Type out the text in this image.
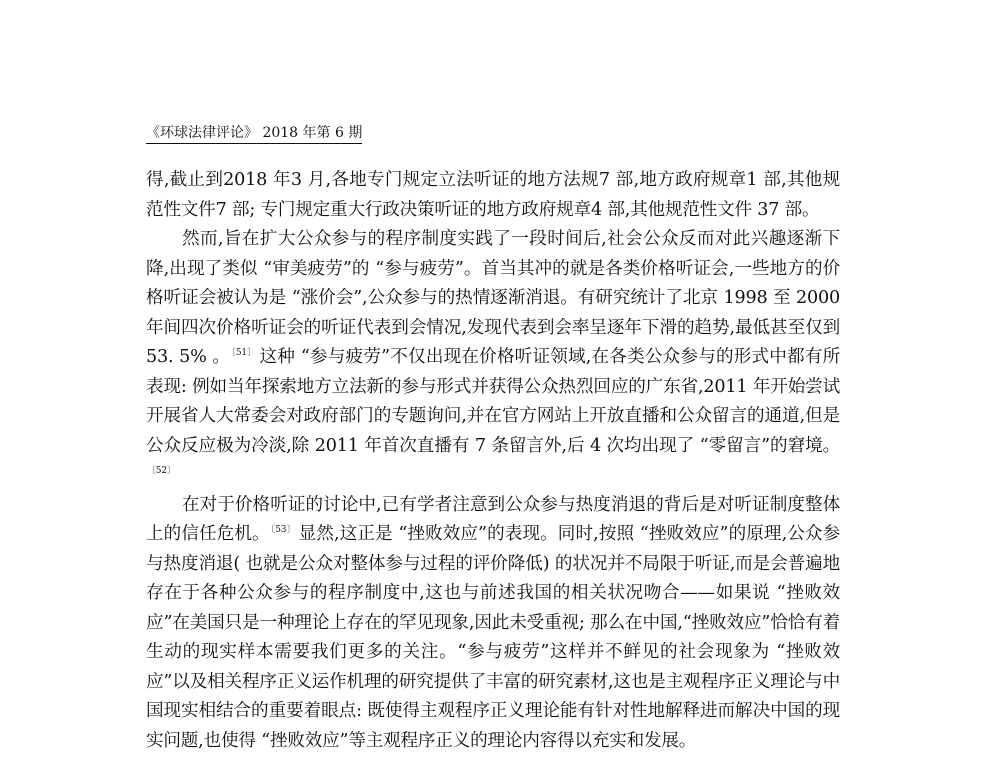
《环球法律评论》 2018 年第 6 期

得,截止到2018 年3 月,各地专门规定立法听证的地方法规7 部,地方政府规章1 部,其他规范性文件7 部; 专门规定重大行政决策听证的地方政府规章4 部,其他规范性文件 37 部。

然而,旨在扩大公众参与的程序制度实践了一段时间后,社会公众反而对此兴趣逐渐下降,出现了类似 “审美疲劳”的 “参与疲劳”。首当其冲的就是各类价格听证会,一些地方的价格听证会被认为是 “涨价会”,公众参与的热情逐渐消退。有研究统计了北京 1998 至 2000 年间四次价格听证会的听证代表到会情况,发现代表到会率呈逐年下滑的趋势,最低甚至仅到 53. 5% 。$^{〔51〕}$ 这种 “参与疲劳”不仅出现在价格听证领域,在各类公众参与的形式中都有所表现: 例如当年探索地方立法新的参与形式并获得公众热烈回应的广东省,2011 年开始尝试开展省人大常委会对政府部门的专题询问,并在官方网站上开放直播和公众留言的通道,但是公众反应极为冷淡,除 2011 年首次直播有 7 条留言外,后 4 次均出现了 “零留言”的窘境。$^{〔52〕}$

在对于价格听证的讨论中,已有学者注意到公众参与热度消退的背后是对听证制度整体上的信任危机。$^{〔53〕}$ 显然,这正是 “挫败效应”的表现。同时,按照 “挫败效应”的原理,公众参与热度消退( 也就是公众对整体参与过程的评价降低) 的状况并不局限于听证,而是会普遍地存在于各种公众参与的程序制度中,这也与前述我国的相关状况吻合——如果说 “挫败效应”在美国只是一种理论上存在的罕见现象,因此未受重视; 那么在中国,“挫败效应”恰恰有着生动的现实样本需要我们更多的关注。“参与疲劳”这样并不鲜见的社会现象为 “挫败效应”以及相关程序正义运作机理的研究提供了丰富的研究素材,这也是主观程序正义理论与中国现实相结合的重要着眼点: 既使得主观程序正义理论能有针对性地解释进而解决中国的现实问题,也使得 “挫败效应”等主观程序正义的理论内容得以充实和发展。
